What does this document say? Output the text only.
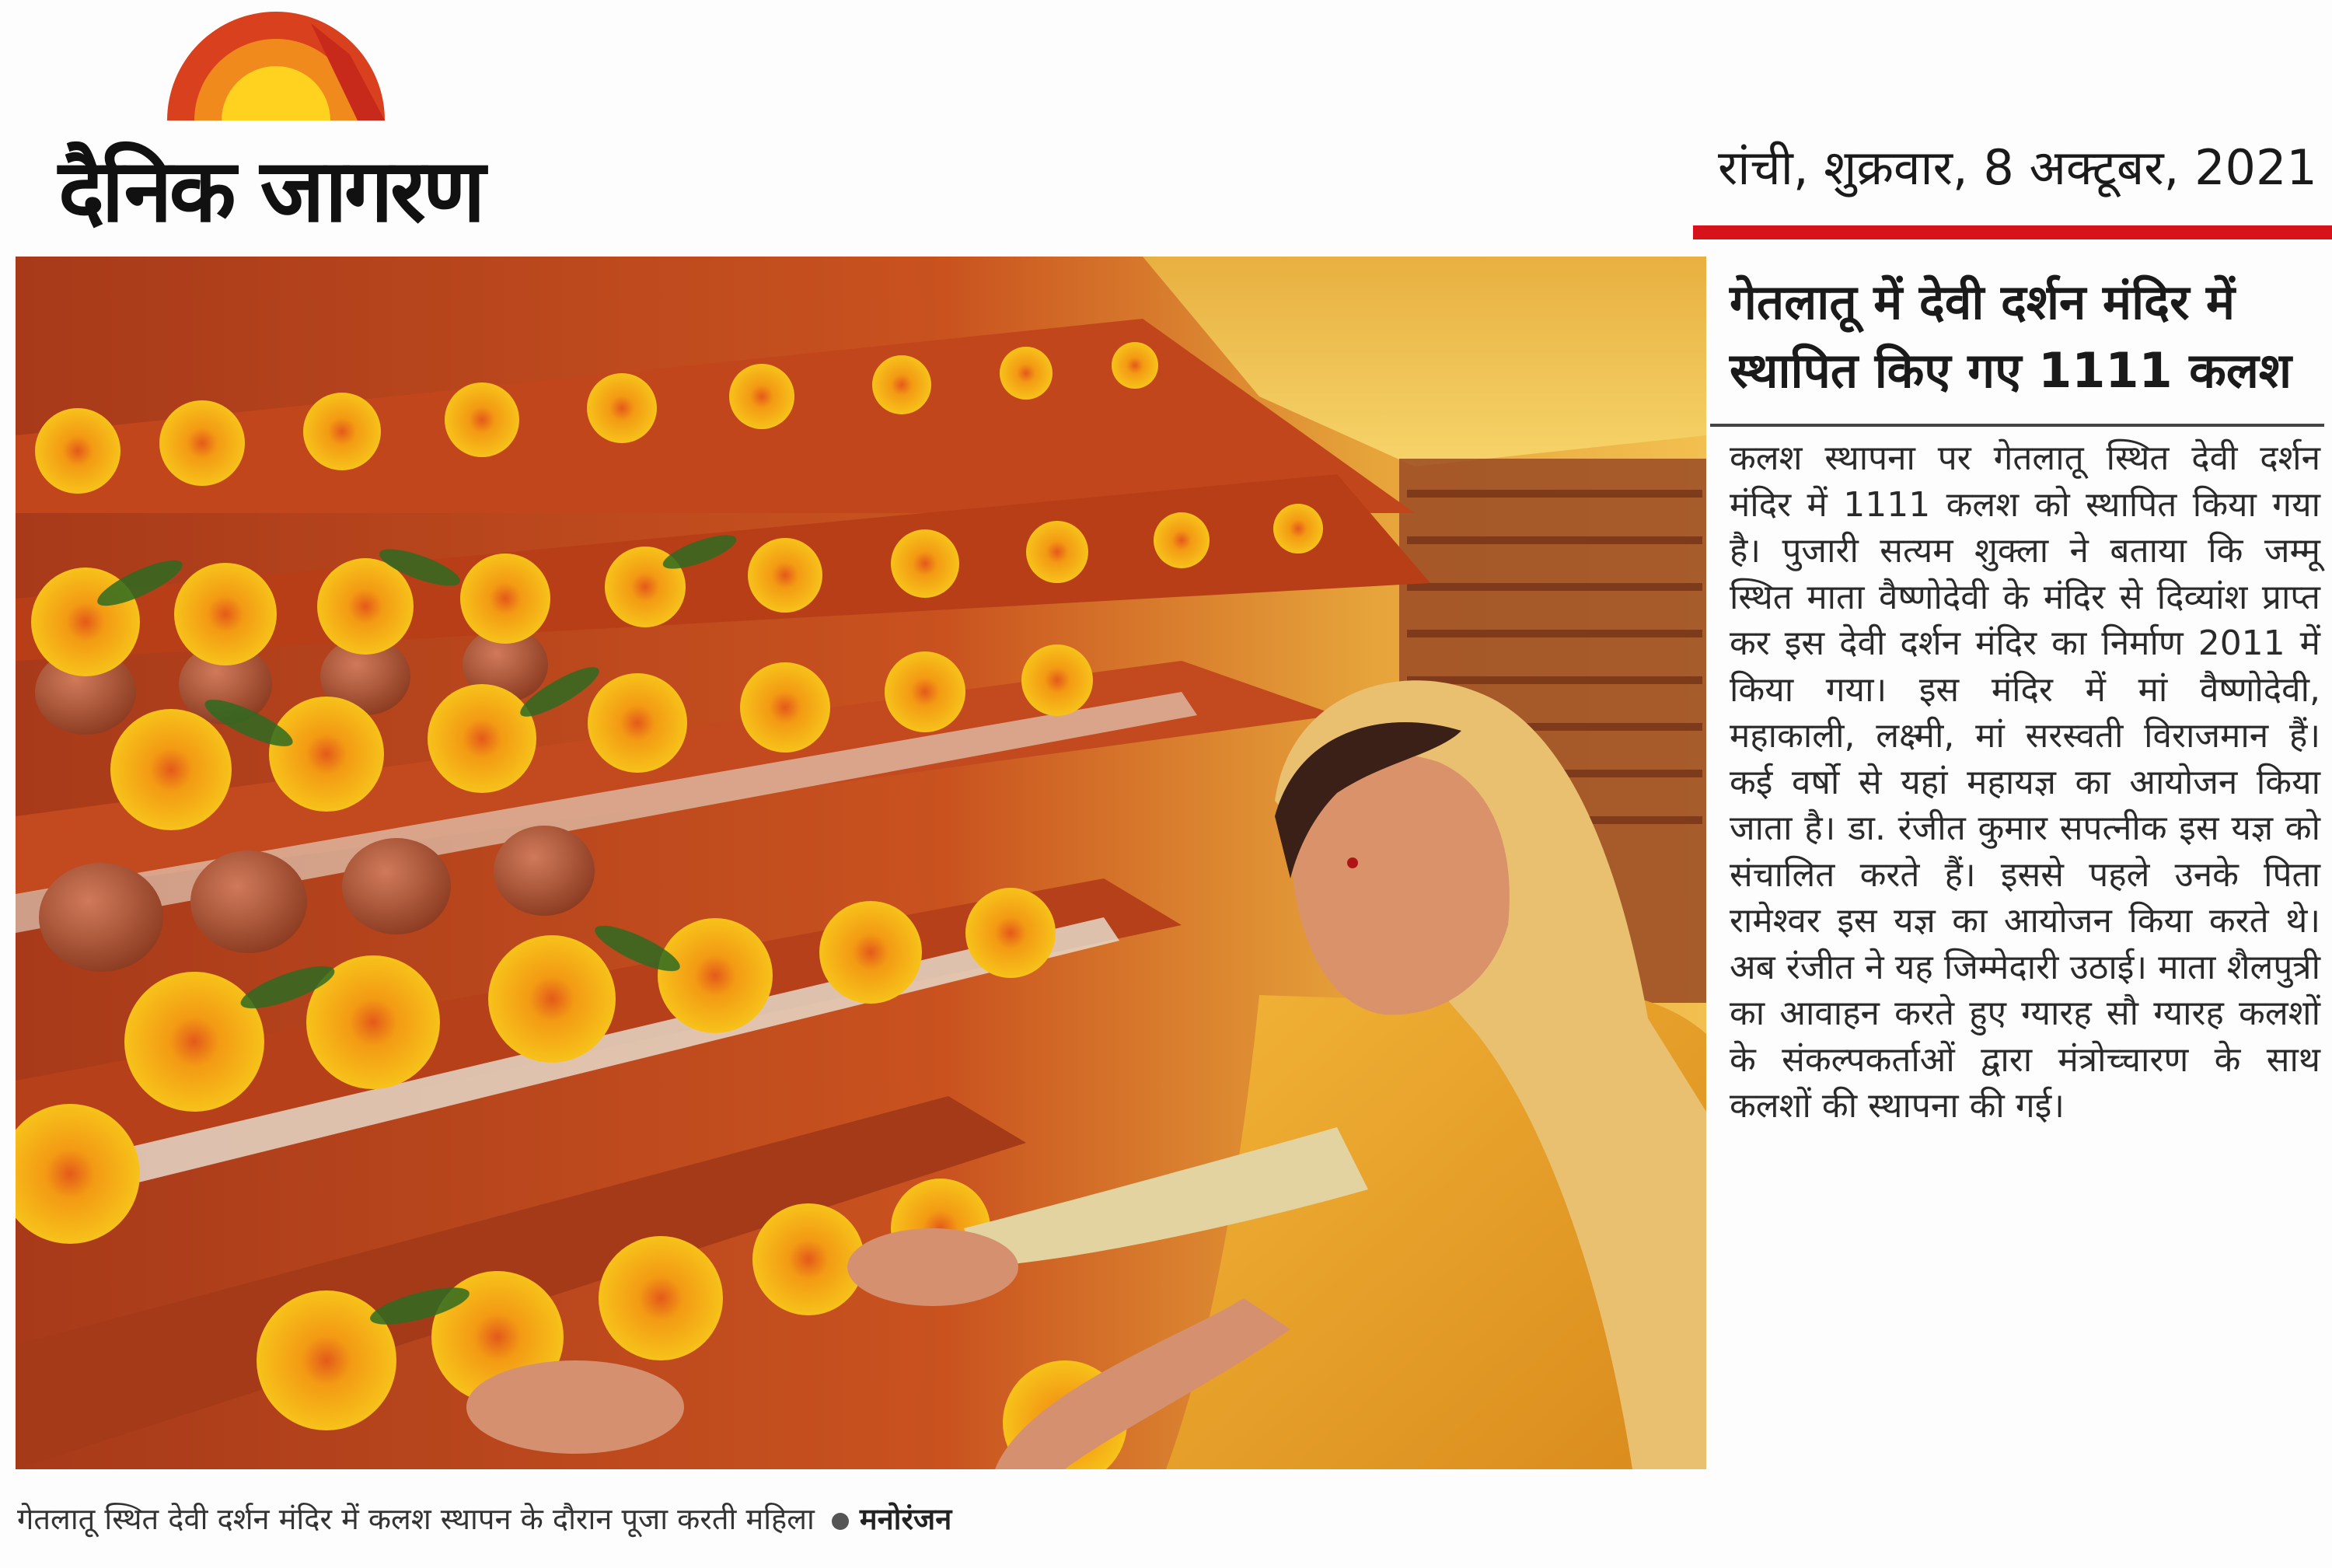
दैनिक जागरण	रांची, शुक्रवार, 8 अक्टूबर, 2021
गेतलातू स्थित देवी दर्शन मंदिर में कलश स्थापन के दौरान पूजा करती महिला मनोरंजन
गेतलातू में देवी दर्शन मंदिर में स्थापित किए गए 1111 कलश
कलश स्थापना पर गेतलातू स्थित देवी दर्शन मंदिर में 1111 कलश को स्थापित किया गया है। पुजारी सत्यम शुक्ला ने बताया कि जम्मू स्थित माता वैष्णोदेवी के मंदिर से दिव्यांश प्राप्त कर इस देवी दर्शन मंदिर का निर्माण 2011 में किया गया। इस मंदिर में मां वैष्णोदेवी, महाकाली, लक्ष्मी, मां सरस्वती विराजमान हैं। कई वर्षो से यहां महायज्ञ का आयोजन किया जाता है। डा. रंजीत कुमार सपत्नीक इस यज्ञ को संचालित करते हैं। इससे पहले उनके पिता रामेश्वर इस यज्ञ का आयोजन किया करते थे। अब रंजीत ने यह जिम्मेदारी उठाई। माता शैलपुत्री का आवाहन करते हुए ग्यारह सौ ग्यारह कलशों के संकल्पकर्ताओं द्वारा मंत्रोच्चारण के साथ कलशों की स्थापना की गई।
